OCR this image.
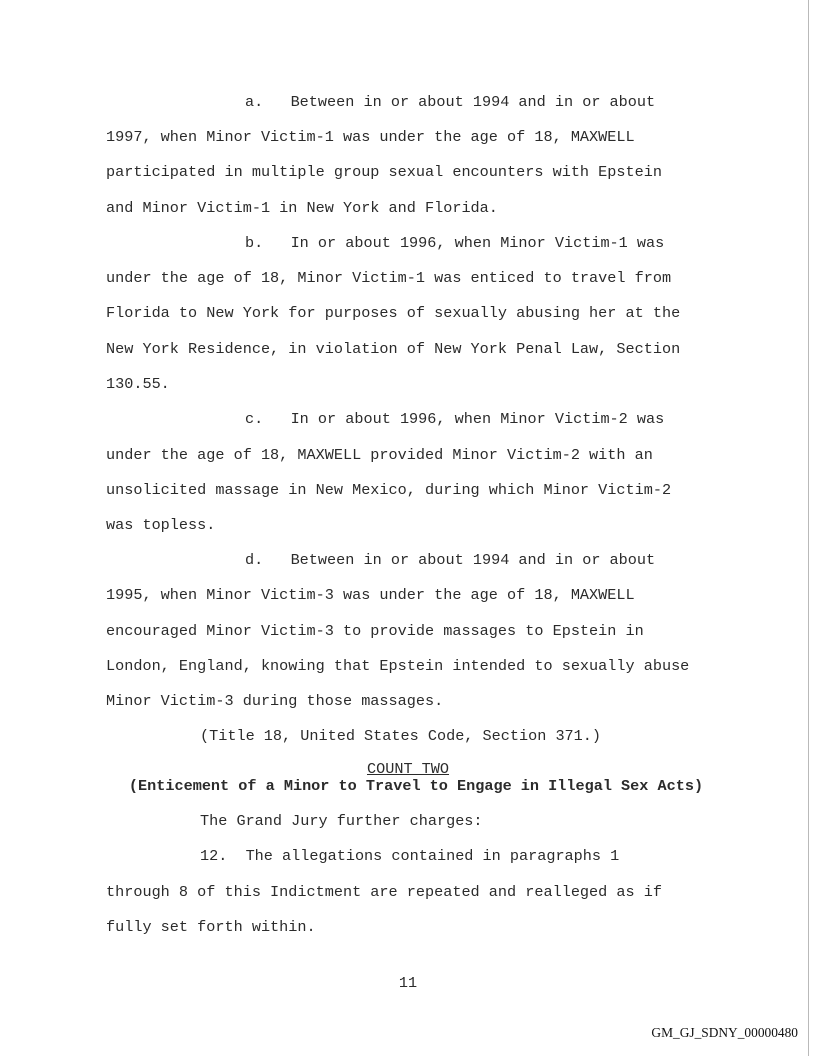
a.   Between in or about 1994 and in or about
1997, when Minor Victim-1 was under the age of 18, MAXWELL
participated in multiple group sexual encounters with Epstein
and Minor Victim-1 in New York and Florida.
b.   In or about 1996, when Minor Victim-1 was
under the age of 18, Minor Victim-1 was enticed to travel from
Florida to New York for purposes of sexually abusing her at the
New York Residence, in violation of New York Penal Law, Section
130.55.
c.   In or about 1996, when Minor Victim-2 was
under the age of 18, MAXWELL provided Minor Victim-2 with an
unsolicited massage in New Mexico, during which Minor Victim-2
was topless.
d.   Between in or about 1994 and in or about
1995, when Minor Victim-3 was under the age of 18, MAXWELL
encouraged Minor Victim-3 to provide massages to Epstein in
London, England, knowing that Epstein intended to sexually abuse
Minor Victim-3 during those massages.
(Title 18, United States Code, Section 371.)
COUNT TWO
(Enticement of a Minor to Travel to Engage in Illegal Sex Acts)
The Grand Jury further charges:
12.  The allegations contained in paragraphs 1
through 8 of this Indictment are repeated and realleged as if
fully set forth within.
11
GM_GJ_SDNY_00000480
